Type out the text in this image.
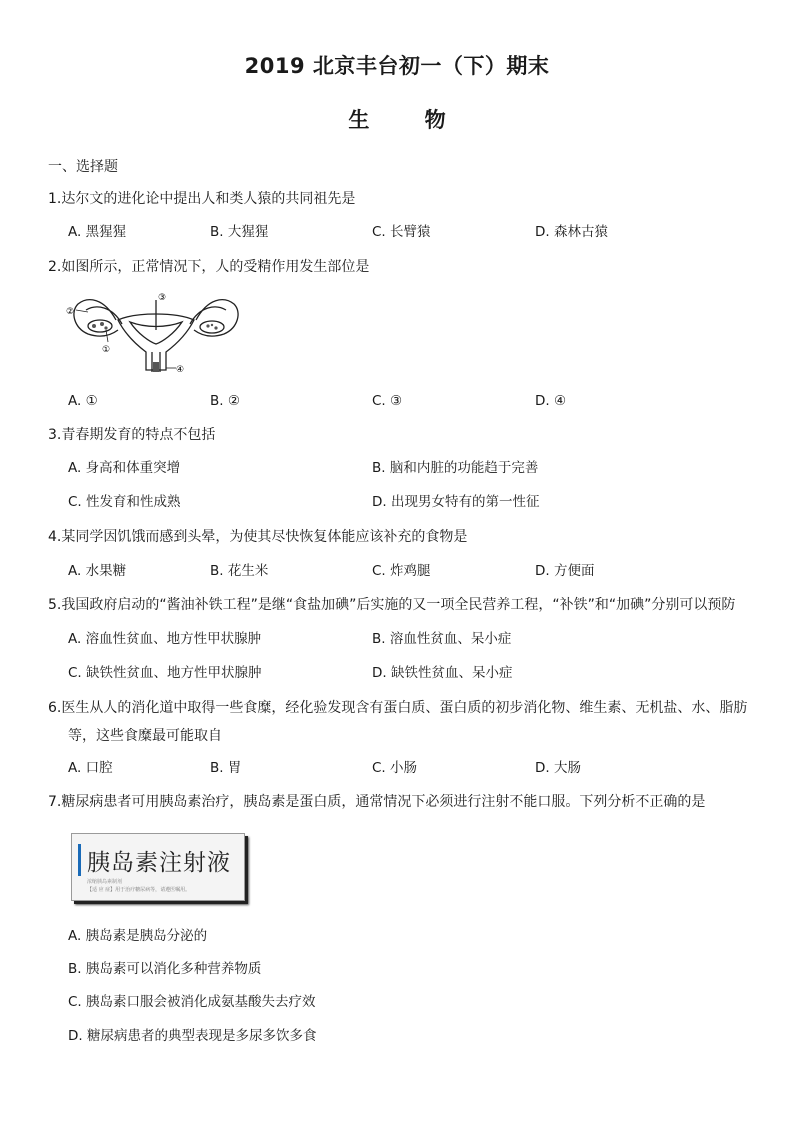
2019 北京丰台初一（下）期末
生	物
一、选择题
1.达尔文的进化论中提出人和类人猿的共同祖先是
A. 黑猩猩	B. 大猩猩	C. 长臂猿	D. 森林古猿
2.如图所示，正常情况下，人的受精作用发生部位是
②
③
①
④
A. ①	B. ②	C. ③	D. ④
3.青春期发育的特点不包括
A. 身高和体重突增	B. 脑和内脏的功能趋于完善
C. 性发育和性成熟	D. 出现男女特有的第一性征
4.某同学因饥饿而感到头晕，为使其尽快恢复体能应该补充的食物是
A. 水果糖	B. 花生米	C. 炸鸡腿	D. 方便面
5.我国政府启动的“酱油补铁工程”是继“食盐加碘”后实施的又一项全民营养工程，“补铁”和“加碘”分别可以预防
A. 溶血性贫血、地方性甲状腺肿	B. 溶血性贫血、呆小症
C. 缺铁性贫血、地方性甲状腺肿	D. 缺铁性贫血、呆小症
6.医生从人的消化道中取得一些食糜，经化验发现含有蛋白质、蛋白质的初步消化物、维生素、无机盐、水、脂肪
等，这些食糜最可能取自
A. 口腔	B. 胃	C. 小肠	D. 大肠
7.糖尿病患者可用胰岛素治疗，胰岛素是蛋白质，通常情况下必须进行注射不能口服。下列分析不正确的是
胰岛素注射液
浓缩胰岛素制剂
【适 应 症】用于治疗糖尿病等，请遵医嘱用。
A. 胰岛素是胰岛分泌的
B. 胰岛素可以消化多种营养物质
C. 胰岛素口服会被消化成氨基酸失去疗效
D. 糖尿病患者的典型表现是多尿多饮多食
